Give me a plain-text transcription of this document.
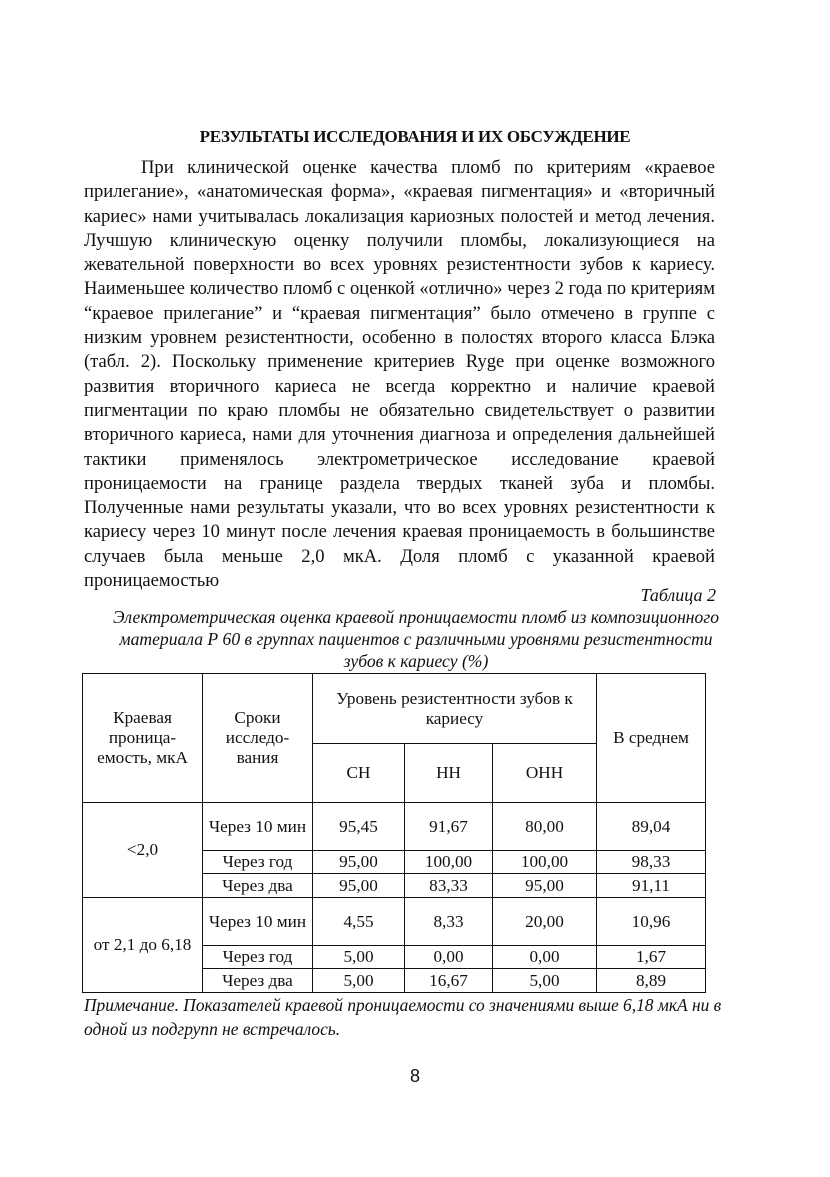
РЕЗУЛЬТАТЫ ИССЛЕДОВАНИЯ И ИХ ОБСУЖДЕНИЕ

При клинической оценке качества пломб по критериям «краевое прилегание», «анатомическая форма», «краевая пигментация» и «вторичный кариес» нами учитывалась локализация кариозных полостей и метод лечения. Лучшую клиническую оценку получили пломбы, локализующиеся на жевательной поверхности во всех уровнях резистентности зубов к кариесу. Наименьшее количество пломб с оценкой «отлично» через 2 года по критериям “краевое прилегание” и “краевая пигментация” было отмечено в группе с низким уровнем резистентности, особенно в полостях второго класса Блэка (табл. 2). Поскольку применение критериев Ryge при оценке возможного развития вторичного кариеса не всегда корректно и наличие краевой пигментации по краю пломбы не обязательно свидетельствует о развитии вторичного кариеса, нами для уточнения диагноза и определения дальнейшей тактики применялось электрометрическое исследование краевой проницаемости на границе раздела твердых тканей зуба и пломбы. Полученные нами результаты указали, что во всех уровнях резистентности к кариесу через 10 минут после лечения краевая проницаемость в большинстве случаев была меньше 2,0 мкА. Доля пломб с указанной краевой проницаемостью

Таблица 2
Электрометрическая оценка краевой проницаемости пломб из композиционного материала Р 60 в группах пациентов с различными уровнями резистентности зубов к кариесу (%)
Краевая проница-емость, мкА	Сроки исследо-вания	Уровень резистентности зубов к кариесу			В среднем
		СН	НН	ОНН	
<2,0	Через 10 мин	95,45	91,67	80,00	89,04
	Через год	95,00	100,00	100,00	98,33
	Через два	95,00	83,33	95,00	91,11
от 2,1 до 6,18	Через 10 мин	4,55	8,33	20,00	10,96
	Через год	5,00	0,00	0,00	1,67
	Через два	5,00	16,67	5,00	8,89
Примечание. Показателей краевой проницаемости со значениями выше 6,18 мкА ни в одной из подгрупп не встречалось.
8
